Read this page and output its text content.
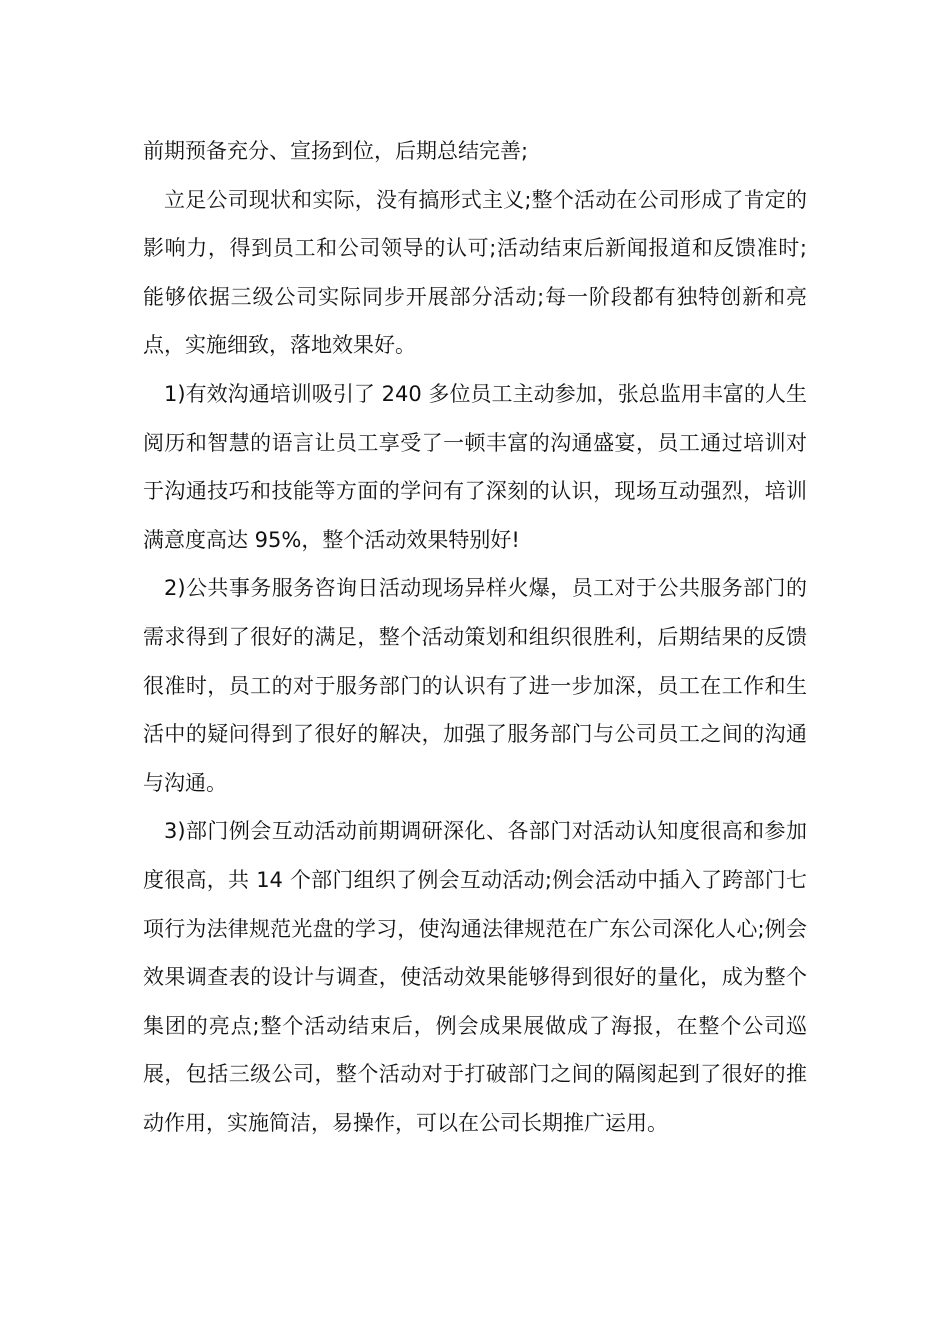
前期预备充分、宣扬到位，后期总结完善;

立足公司现状和实际，没有搞形式主义;整个活动在公司形成了肯定的影响力，得到员工和公司领导的认可;活动结束后新闻报道和反馈准时;能够依据三级公司实际同步开展部分活动;每一阶段都有独特创新和亮点，实施细致，落地效果好。

1)有效沟通培训吸引了 240 多位员工主动参加，张总监用丰富的人生阅历和智慧的语言让员工享受了一顿丰富的沟通盛宴，员工通过培训对于沟通技巧和技能等方面的学问有了深刻的认识，现场互动强烈，培训满意度高达 95%，整个活动效果特别好!

2)公共事务服务咨询日活动现场异样火爆，员工对于公共服务部门的需求得到了很好的满足，整个活动策划和组织很胜利，后期结果的反馈很准时，员工的对于服务部门的认识有了进一步加深，员工在工作和生活中的疑问得到了很好的解决，加强了服务部门与公司员工之间的沟通与沟通。

3)部门例会互动活动前期调研深化、各部门对活动认知度很高和参加度很高，共 14 个部门组织了例会互动活动;例会活动中插入了跨部门七项行为法律规范光盘的学习，使沟通法律规范在广东公司深化人心;例会效果调查表的设计与调查，使活动效果能够得到很好的量化，成为整个集团的亮点;整个活动结束后，例会成果展做成了海报，在整个公司巡展，包括三级公司，整个活动对于打破部门之间的隔阂起到了很好的推动作用，实施简洁，易操作，可以在公司长期推广运用。
